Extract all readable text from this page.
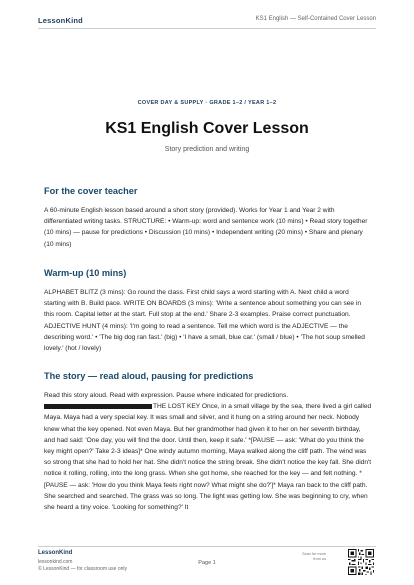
LessonKind	KS1 English — Self-Contained Cover Lesson
COVER DAY & SUPPLY · GRADE 1–2 / YEAR 1–2
KS1 English Cover Lesson
Story prediction and writing
For the cover teacher

A 60-minute English lesson based around a short story (provided). Works for Year 1 and Year 2 with differentiated writing tasks. STRUCTURE: • Warm-up: word and sentence work (10 mins) • Read story together (10 mins) — pause for predictions • Discussion (10 mins) • Independent writing (20 mins) • Share and plenary (10 mins)

Warm-up (10 mins)

ALPHABET BLITZ (3 mins): Go round the class. First child says a word starting with A. Next child a word starting with B. Build pace. WRITE ON BOARDS (3 mins): 'Write a sentence about something you can see in this room. Capital letter at the start. Full stop at the end.' Share 2-3 examples. Praise correct punctuation. ADJECTIVE HUNT (4 mins): 'I'm going to read a sentence. Tell me which word is the ADJECTIVE — the describing word.' • 'The big dog ran fast.' (big) • 'I have a small, blue car.' (small / blue) • 'The hot soup smelled lovely.' (hot / lovely)

The story — read aloud, pausing for predictions

Read this story aloud. Read with expression. Pause where indicated for predictions.
THE LOST KEY Once, in a small village by the sea, there lived a girl called Maya. Maya had a very special key. It was small and silver, and it hung on a string around her neck. Nobody knew what the key opened. Not even Maya. But her grandmother had given it to her on her seventh birthday, and had said: 'One day, you will find the door. Until then, keep it safe.' *[PAUSE — ask: 'What do you think the key might open?' Take 2-3 ideas]* One windy autumn morning, Maya walked along the cliff path. The wind was so strong that she had to hold her hat. She didn't notice the string break. She didn't notice the key fall. She didn't notice it rolling, rolling, into the long grass. When she got home, she reached for the key — and felt nothing. *[PAUSE — ask: 'How do you think Maya feels right now? What might she do?']* Maya ran back to the cliff path. She searched and searched. The grass was so long. The light was getting low. She was beginning to cry, when she heard a tiny voice. 'Looking for something?' It

LessonKind
lessonkind.com
© LessonKind — for classroom use only
Page 1
Scan for more from us
